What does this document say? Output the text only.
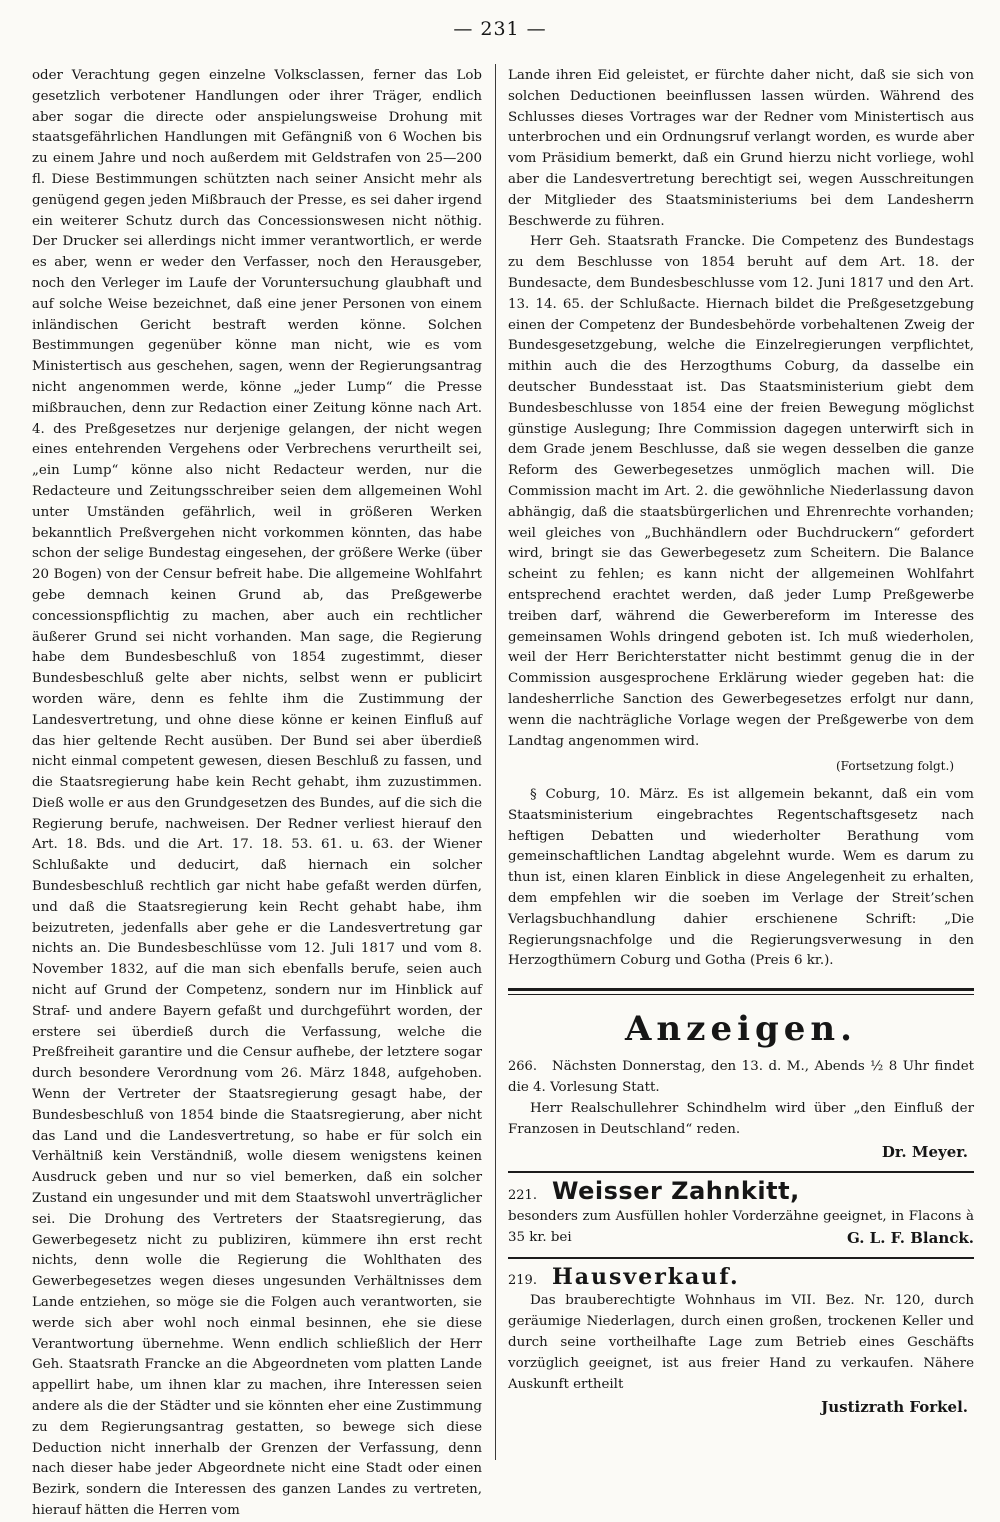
— 231 —

oder Verachtung gegen einzelne Volksclassen, ferner das Lob gesetzlich verbotener Handlungen oder ihrer Träger, endlich aber sogar die directe oder anspielungsweise Drohung mit staatsgefährlichen Handlungen mit Gefängniß von 6 Wochen bis zu einem Jahre und noch außerdem mit Geldstrafen von 25—200 fl. Diese Bestimmungen schützten nach seiner Ansicht mehr als genügend gegen jeden Mißbrauch der Presse, es sei daher irgend ein weiterer Schutz durch das Concessionswesen nicht nöthig. Der Drucker sei allerdings nicht immer verantwortlich, er werde es aber, wenn er weder den Verfasser, noch den Herausgeber, noch den Verleger im Laufe der Voruntersuchung glaubhaft und auf solche Weise bezeichnet, daß eine jener Personen von einem inländischen Gericht bestraft werden könne. Solchen Bestimmungen gegenüber könne man nicht, wie es vom Ministertisch aus geschehen, sagen, wenn der Regierungsantrag nicht angenommen werde, könne „jeder Lump“ die Presse mißbrauchen, denn zur Redaction einer Zeitung könne nach Art. 4. des Preßgesetzes nur derjenige gelangen, der nicht wegen eines entehrenden Vergehens oder Verbrechens verurtheilt sei, „ein Lump“ könne also nicht Redacteur werden, nur die Redacteure und Zeitungsschreiber seien dem allgemeinen Wohl unter Umständen gefährlich, weil in größeren Werken bekanntlich Preßvergehen nicht vorkommen könnten, das habe schon der selige Bundestag eingesehen, der größere Werke (über 20 Bogen) von der Censur befreit habe. Die allgemeine Wohlfahrt gebe demnach keinen Grund ab, das Preßgewerbe concessionspflichtig zu machen, aber auch ein rechtlicher äußerer Grund sei nicht vorhanden. Man sage, die Regierung habe dem Bundesbeschluß von 1854 zugestimmt, dieser Bundesbeschluß gelte aber nichts, selbst wenn er publicirt worden wäre, denn es fehlte ihm die Zustimmung der Landesvertretung, und ohne diese könne er keinen Einfluß auf das hier geltende Recht ausüben. Der Bund sei aber überdieß nicht einmal competent gewesen, diesen Beschluß zu fassen, und die Staatsregierung habe kein Recht gehabt, ihm zuzustimmen. Dieß wolle er aus den Grundgesetzen des Bundes, auf die sich die Regierung berufe, nachweisen. Der Redner verliest hierauf den Art. 18. Bds. und die Art. 17. 18. 53. 61. u. 63. der Wiener Schlußakte und deducirt, daß hiernach ein solcher Bundesbeschluß rechtlich gar nicht habe gefaßt werden dürfen, und daß die Staatsregierung kein Recht gehabt habe, ihm beizutreten, jedenfalls aber gehe er die Landesvertretung gar nichts an. Die Bundesbeschlüsse vom 12. Juli 1817 und vom 8. November 1832, auf die man sich ebenfalls berufe, seien auch nicht auf Grund der Competenz, sondern nur im Hinblick auf Straf- und andere Bayern gefaßt und durchgeführt worden, der erstere sei überdieß durch die Verfassung, welche die Preßfreiheit garantire und die Censur aufhebe, der letztere sogar durch besondere Verordnung vom 26. März 1848, aufgehoben. Wenn der Vertreter der Staatsregierung gesagt habe, der Bundesbeschluß von 1854 binde die Staatsregierung, aber nicht das Land und die Landesvertretung, so habe er für solch ein Verhältniß kein Verständniß, wolle diesem wenigstens keinen Ausdruck geben und nur so viel bemerken, daß ein solcher Zustand ein ungesunder und mit dem Staatswohl unverträglicher sei. Die Drohung des Vertreters der Staatsregierung, das Gewerbegesetz nicht zu publiziren, kümmere ihn erst recht nichts, denn wolle die Regierung die Wohlthaten des Gewerbegesetzes wegen dieses ungesunden Verhältnisses dem Lande entziehen, so möge sie die Folgen auch verantworten, sie werde sich aber wohl noch einmal besinnen, ehe sie diese Verantwortung übernehme. Wenn endlich schließlich der Herr Geh. Staatsrath Francke an die Abgeordneten vom platten Lande appellirt habe, um ihnen klar zu machen, ihre Interessen seien andere als die der Städter und sie könnten eher eine Zustimmung zu dem Regierungsantrag gestatten, so bewege sich diese Deduction nicht innerhalb der Grenzen der Verfassung, denn nach dieser habe jeder Abgeordnete nicht eine Stadt oder einen Bezirk, sondern die Interessen des ganzen Landes zu vertreten, hierauf hätten die Herren vom

Lande ihren Eid geleistet, er fürchte daher nicht, daß sie sich von solchen Deductionen beeinflussen lassen würden. Während des Schlusses dieses Vortrages war der Redner vom Ministertisch aus unterbrochen und ein Ordnungsruf verlangt worden, es wurde aber vom Präsidium bemerkt, daß ein Grund hierzu nicht vorliege, wohl aber die Landesvertretung berechtigt sei, wegen Ausschreitungen der Mitglieder des Staatsministeriums bei dem Landesherrn Beschwerde zu führen.

Herr Geh. Staatsrath Francke. Die Competenz des Bundestags zu dem Beschlusse von 1854 beruht auf dem Art. 18. der Bundesacte, dem Bundesbeschlusse vom 12. Juni 1817 und den Art. 13. 14. 65. der Schlußacte. Hiernach bildet die Preßgesetzgebung einen der Competenz der Bundesbehörde vorbehaltenen Zweig der Bundesgesetzgebung, welche die Einzelregierungen verpflichtet, mithin auch die des Herzogthums Coburg, da dasselbe ein deutscher Bundesstaat ist. Das Staatsministerium giebt dem Bundesbeschlusse von 1854 eine der freien Bewegung möglichst günstige Auslegung; Ihre Commission dagegen unterwirft sich in dem Grade jenem Beschlusse, daß sie wegen desselben die ganze Reform des Gewerbegesetzes unmöglich machen will. Die Commission macht im Art. 2. die gewöhnliche Niederlassung davon abhängig, daß die staatsbürgerlichen und Ehrenrechte vorhanden; weil gleiches von „Buchhändlern oder Buchdruckern“ gefordert wird, bringt sie das Gewerbegesetz zum Scheitern. Die Balance scheint zu fehlen; es kann nicht der allgemeinen Wohlfahrt entsprechend erachtet werden, daß jeder Lump Preßgewerbe treiben darf, während die Gewerbereform im Interesse des gemeinsamen Wohls dringend geboten ist. Ich muß wiederholen, weil der Herr Berichterstatter nicht bestimmt genug die in der Commission ausgesprochene Erklärung wieder gegeben hat: die landesherrliche Sanction des Gewerbegesetzes erfolgt nur dann, wenn die nachträgliche Vorlage wegen der Preßgewerbe von dem Landtag angenommen wird.

(Fortsetzung folgt.)

§ Coburg, 10. März. Es ist allgemein bekannt, daß ein vom Staatsministerium eingebrachtes Regentschaftsgesetz nach heftigen Debatten und wiederholter Berathung vom gemeinschaftlichen Landtag abgelehnt wurde. Wem es darum zu thun ist, einen klaren Einblick in diese Angelegenheit zu erhalten, dem empfehlen wir die soeben im Verlage der Streit’schen Verlagsbuchhandlung dahier erschienene Schrift: „Die Regierungsnachfolge und die Regierungsverwesung in den Herzogthümern Coburg und Gotha (Preis 6 kr.).

Anzeigen.
266. Nächsten Donnerstag, den 13. d. M., Abends ½ 8 Uhr findet die 4. Vorlesung Statt.

Herr Realschullehrer Schindhelm wird über „den Einfluß der Franzosen in Deutschland“ reden.

Dr. Meyer.
221. Weisser Zahnkitt,
besonders zum Ausfüllen hohler Vorderzähne geeignet, in Flacons à 35 kr. bei	G. L. F. Blanck.
219. Hausverkauf.

Das brauberechtigte Wohnhaus im VII. Bez. Nr. 120, durch geräumige Niederlagen, durch einen großen, trockenen Keller und durch seine vortheilhafte Lage zum Betrieb eines Geschäfts vorzüglich geeignet, ist aus freier Hand zu verkaufen. Nähere Auskunft ertheilt

Justizrath Forkel.
